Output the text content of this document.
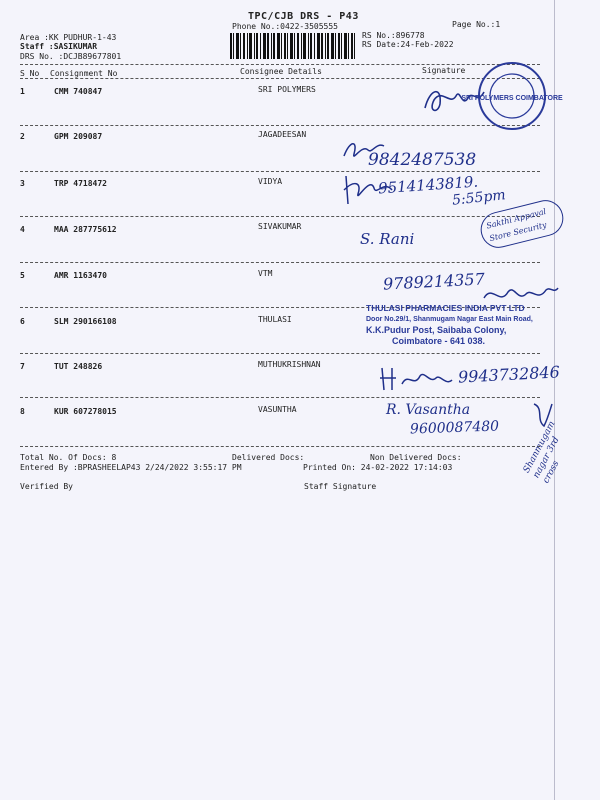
TPC/CJB DRS - P43
Phone No.:0422-3505555	Page No.:1
Area :KK PUDHUR-1-43
Staff :SASIKUMAR
DRS No. :DCJB89677801
RS No.:896778
RS Date:24-Feb-2022
S No Consignment No	Consignee Details	Signature
1	CMM 740847	SRI POLYMERS
2	GPM 209087	JAGADEESAN
3	TRP 4718472	VIDYA
4	MAA 287775612	SIVAKUMAR
5	AMR 1163470	VTM
6	SLM 290166108	THULASI
7	TUT 248826	MUTHUKRISHNAN
8	KUR 607278015	VASUNTHA
Total No. Of Docs: 8	Delivered Docs:	Non Delivered Docs:
Entered By :BPRASHEELAP43 2/24/2022 3:55:17 PM	Printed On: 24-02-2022 17:14:03
Verified By	Staff Signature
SRI POLYMERS COIMBATORE
9842487538
9514143819.
5:55pm
S. Rani
Sakthi Appaval Store Security
9789214357
THULASI PHARMACIES INDIA PVT LTD
Door No.29/1, Shanmugam Nagar East Main Road,
K.K.Pudur Post, Saibaba Colony,
Coimbatore - 641 038.
9943732846
R. Vasantha
9600087480	Shanmugam nagar 3rd cross
